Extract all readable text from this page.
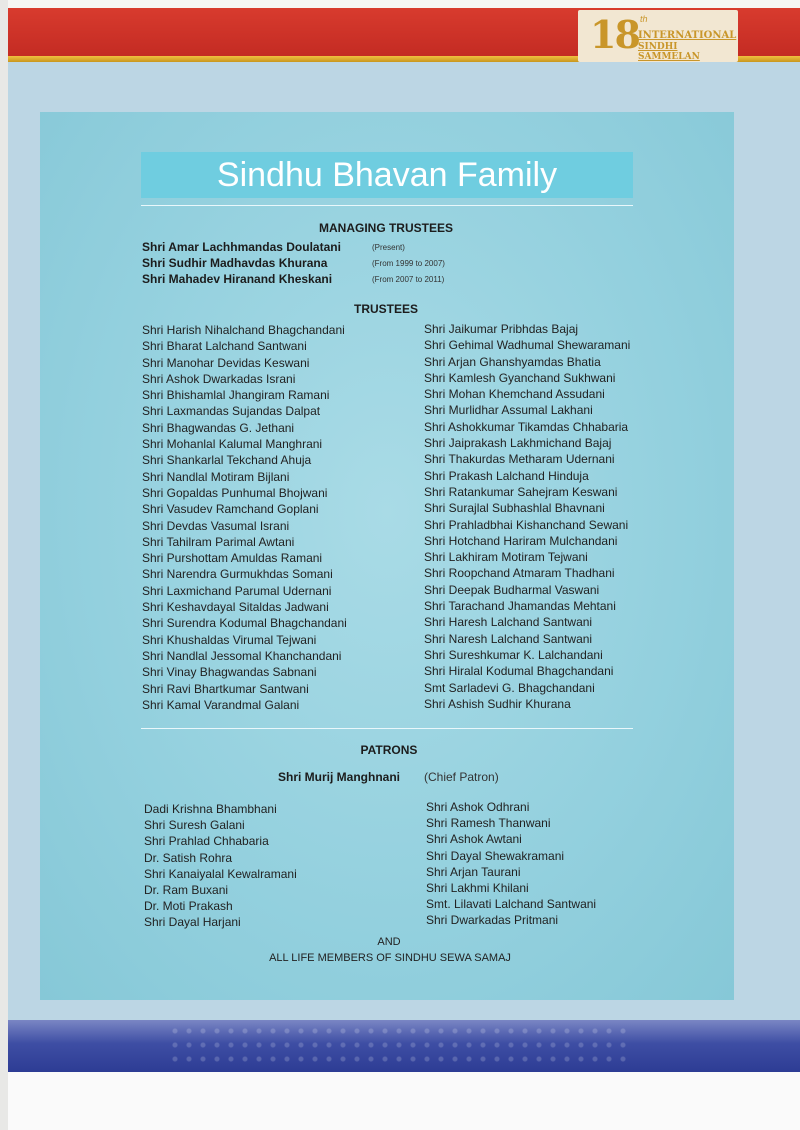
18 th
INTERNATIONAL
SINDHI SAMMELAN
Sindhu Bhavan Family
MANAGING TRUSTEES
Shri Amar Lachhmandas Doulatani	(Present)
Shri Sudhir Madhavdas Khurana	(From 1999 to 2007)
Shri Mahadev Hiranand Kheskani	(From 2007 to 2011)
TRUSTEES
Shri Harish Nihalchand Bhagchandani
Shri Bharat Lalchand Santwani
Shri Manohar Devidas Keswani
Shri Ashok Dwarkadas Israni
Shri Bhishamlal Jhangiram Ramani
Shri Laxmandas Sujandas Dalpat
Shri Bhagwandas G. Jethani
Shri Mohanlal Kalumal Manghrani
Shri Shankarlal Tekchand Ahuja
Shri Nandlal Motiram Bijlani
Shri Gopaldas Punhumal Bhojwani
Shri Vasudev Ramchand Goplani
Shri Devdas Vasumal Israni
Shri Tahilram Parimal Awtani
Shri Purshottam Amuldas Ramani
Shri Narendra Gurmukhdas Somani
Shri Laxmichand Parumal Udernani
Shri Keshavdayal Sitaldas Jadwani
Shri Surendra Kodumal Bhagchandani
Shri Khushaldas Virumal Tejwani
Shri Nandlal Jessomal Khanchandani
Shri Vinay Bhagwandas Sabnani
Shri Ravi Bhartkumar Santwani
Shri Kamal Varandmal Galani
Shri Jaikumar Pribhdas Bajaj
Shri Gehimal Wadhumal Shewaramani
Shri Arjan Ghanshyamdas Bhatia
Shri Kamlesh Gyanchand Sukhwani
Shri Mohan Khemchand Assudani
Shri Murlidhar Assumal Lakhani
Shri Ashokkumar Tikamdas Chhabaria
Shri Jaiprakash Lakhmichand Bajaj
Shri Thakurdas Metharam Udernani
Shri Prakash Lalchand Hinduja
Shri Ratankumar Sahejram Keswani
Shri Surajlal Subhashlal Bhavnani
Shri Prahladbhai Kishanchand Sewani
Shri Hotchand Hariram Mulchandani
Shri Lakhiram Motiram Tejwani
Shri Roopchand Atmaram Thadhani
Shri Deepak Budharmal Vaswani
Shri Tarachand Jhamandas Mehtani
Shri Haresh Lalchand Santwani
Shri Naresh Lalchand Santwani
Shri Sureshkumar K. Lalchandani
Shri Hiralal Kodumal Bhagchandani
Smt Sarladevi G. Bhagchandani
Shri Ashish Sudhir Khurana
PATRONS
Shri Murij Manghnani (Chief Patron)
Dadi Krishna Bhambhani
Shri Suresh Galani
Shri Prahlad Chhabaria
Dr. Satish Rohra
Shri Kanaiyalal Kewalramani
Dr. Ram Buxani
Dr. Moti Prakash
Shri Dayal Harjani
Shri Ashok Odhrani
Shri Ramesh Thanwani
Shri Ashok Awtani
Shri Dayal Shewakramani
Shri Arjan Taurani
Shri Lakhmi Khilani
Smt. Lilavati Lalchand Santwani
Shri Dwarkadas Pritmani
AND
ALL LIFE MEMBERS OF SINDHU SEWA SAMAJ
